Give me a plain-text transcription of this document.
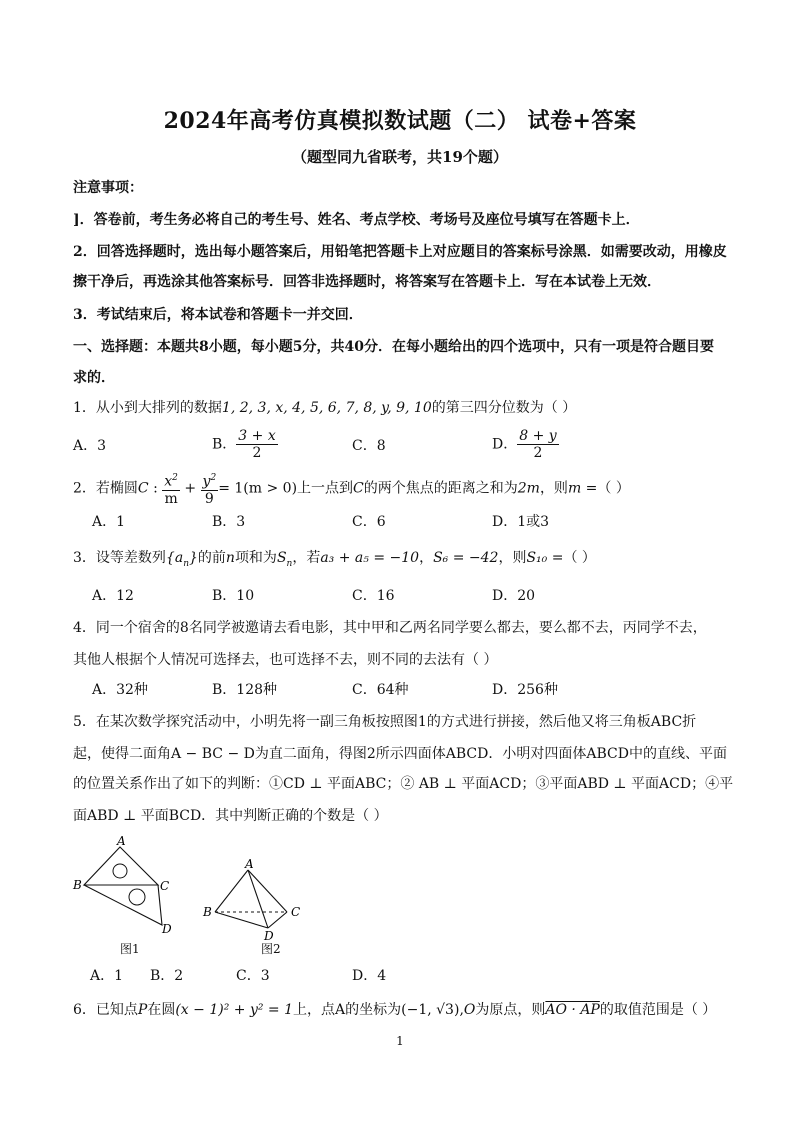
2024年高考仿真模拟数试题（二） 试卷+答案
（题型同九省联考，共19个题）
注意事项：
]．答卷前，考生务必将自己的考生号、姓名、考点学校、考场号及座位号填写在答题卡上．
2．回答选择题时，选出每小题答案后，用铅笔把答题卡上对应题目的答案标号涂黑．如需要改动，用橡皮
擦干净后，再选涂其他答案标号．回答非选择题时，将答案写在答题卡上．写在本试卷上无效．
3．考试结束后，将本试卷和答题卡一并交回．
一、选择题：本题共8小题，每小题5分，共40分．在每小题给出的四个选项中，只有一项是符合题目要
求的．
1．从小到大排列的数据1, 2, 3, x, 4, 5, 6, 7, 8, y, 9, 10的第三四分位数为（ ）
A．3	B． $\frac{3 + x}{2}$	C．8	D． $\frac{8 + y}{2}$
2．若椭圆C : $\frac{x^2}{m} + \frac{y^2}{9} = 1(m > 0)$上一点到C的两个焦点的距离之和为2m，则m =（ ）
A．1	B．3	C．6	D．1或3
3．设等差数列$\{a_n\}$的前n项和为$S_n$，若a₃ + a₅ = −10，S₆ = −42，则S₁₀ =（ ）
A．12	B．10	C．16	D．20
4．同一个宿舍的8名同学被邀请去看电影，其中甲和乙两名同学要么都去，要么都不去，丙同学不去，
其他人根据个人情况可选择去，也可选择不去，则不同的去法有（ ）
A．32种	B．128种	C．64种	D．256种
5．在某次数学探究活动中，小明先将一副三角板按照图1的方式进行拼接，然后他又将三角板ABC折
起，使得二面角A − BC − D为直二面角，得图2所示四面体ABCD．小明对四面体ABCD中的直线、平面
的位置关系作出了如下的判断：①CD ⊥ 平面ABC；② AB ⊥ 平面ACD；③平面ABD ⊥ 平面ACD；④平
面ABD ⊥ 平面BCD．其中判断正确的个数是（ ）
A
B	C
D
图1
A
B	C
D
图2
A．1 B．2	C．3	D．4
6．已知点P在圆(x − 1)² + y² = 1上，点A的坐标为(−1, √3),O为原点，则AO · AP的取值范围是（ ）
1
